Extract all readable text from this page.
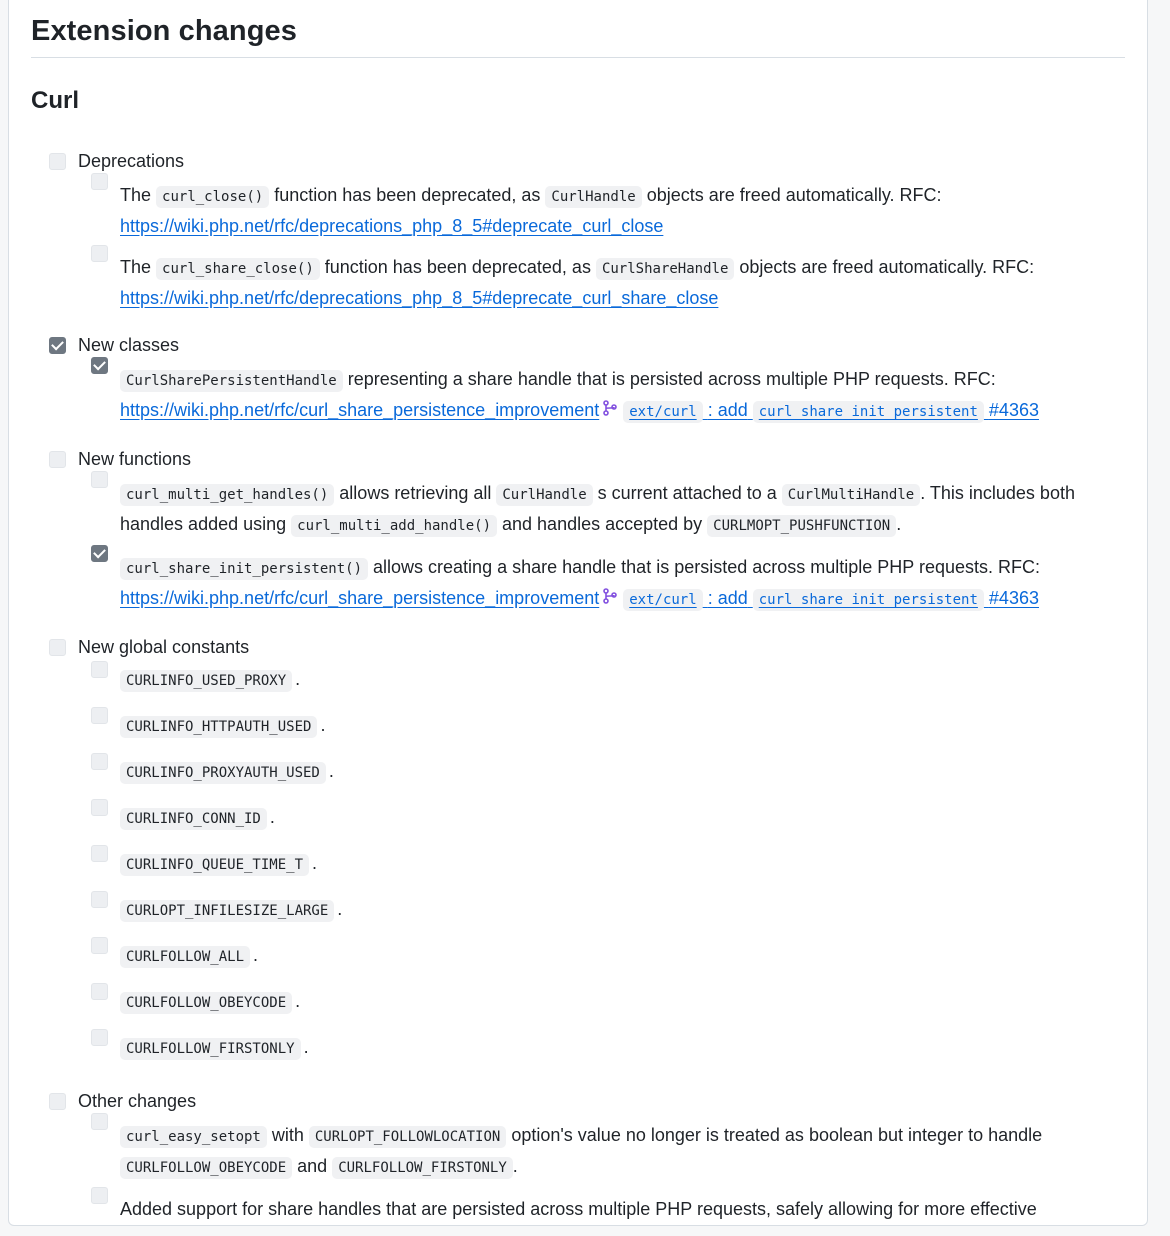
Extension changes
Curl
Deprecations
The curl_close() function has been deprecated, as CurlHandle objects are freed automatically. RFC:
https://wiki.php.net/rfc/deprecations_php_8_5#deprecate_curl_close
The curl_share_close() function has been deprecated, as CurlShareHandle objects are freed automatically. RFC:
https://wiki.php.net/rfc/deprecations_php_8_5#deprecate_curl_share_close
New classes
CurlSharePersistentHandle representing a share handle that is persisted across multiple PHP requests. RFC:
https://wiki.php.net/rfc/curl_share_persistence_improvement ext/curl : add curl_share_init_persistent #4363
New functions
curl_multi_get_handles() allows retrieving all CurlHandle s current attached to a CurlMultiHandle . This includes both handles added using curl_multi_add_handle() and handles accepted by CURLMOPT_PUSHFUNCTION .
curl_share_init_persistent() allows creating a share handle that is persisted across multiple PHP requests. RFC:
https://wiki.php.net/rfc/curl_share_persistence_improvement ext/curl : add curl_share_init_persistent #4363
New global constants
CURLINFO_USED_PROXY .
CURLINFO_HTTPAUTH_USED .
CURLINFO_PROXYAUTH_USED .
CURLINFO_CONN_ID .
CURLINFO_QUEUE_TIME_T .
CURLOPT_INFILESIZE_LARGE .
CURLFOLLOW_ALL .
CURLFOLLOW_OBEYCODE .
CURLFOLLOW_FIRSTONLY .
Other changes
curl_easy_setopt with CURLOPT_FOLLOWLOCATION option's value no longer is treated as boolean but integer to handle CURLFOLLOW_OBEYCODE and CURLFOLLOW_FIRSTONLY .
Added support for share handles that are persisted across multiple PHP requests, safely allowing for more effective
